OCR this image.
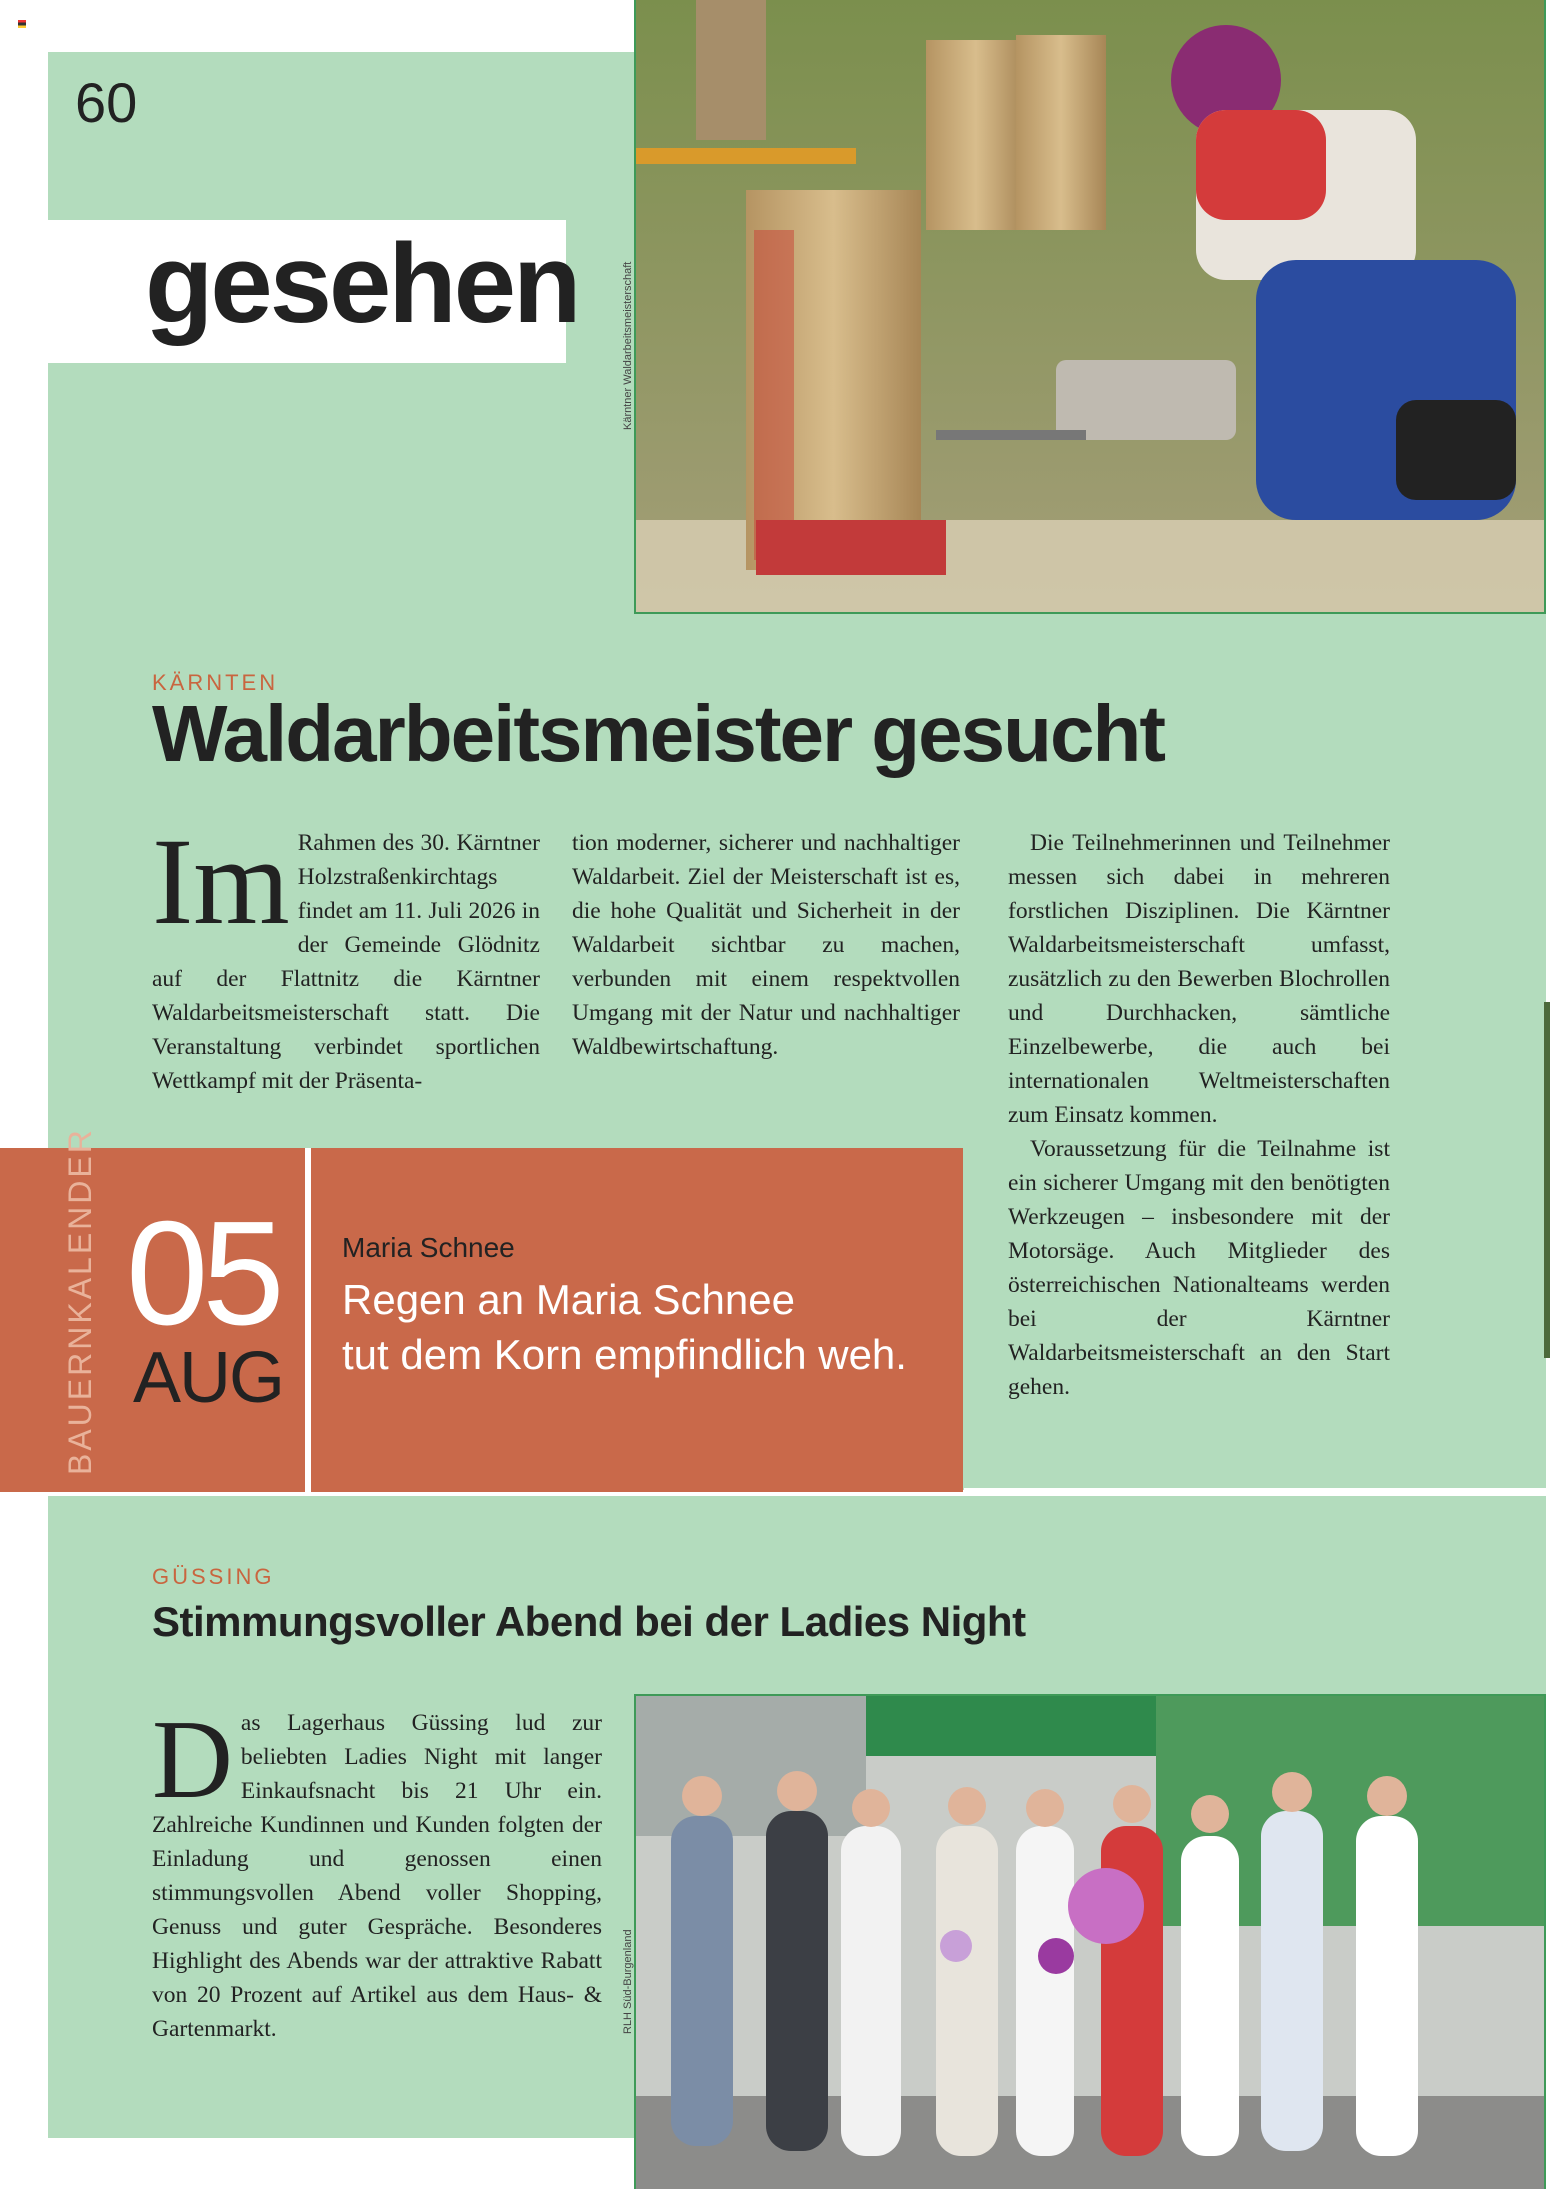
60
gesehen	Kärntner Waldarbeitsmeisterschaft
KÄRNTEN
Waldarbeitsmeister gesucht
Im Rahmen des 30. Kärntner Holzstraßenkirchtags findet am 11. Juli 2026 in der Gemeinde Glödnitz auf der Flattnitz die Kärntner Waldarbeitsmeisterschaft statt. Die Veranstaltung verbindet sportlichen Wettkampf mit der Präsenta-
tion moderner, sicherer und nachhaltiger Waldarbeit. Ziel der Meisterschaft ist es, die hohe Qualität und Sicherheit in der Waldarbeit sichtbar zu machen, verbunden mit einem respektvollen Umgang mit der Natur und nachhaltiger Waldbewirtschaftung.

Die Teilnehmerinnen und Teilnehmer messen sich dabei in mehreren forstlichen Disziplinen. Die Kärntner Waldarbeitsmeisterschaft umfasst, zusätzlich zu den Bewerben Blochrollen und Durchhacken, sämtliche Einzelbewerbe, die auch bei internationalen Weltmeisterschaften zum Einsatz kommen.

Voraussetzung für die Teilnahme ist ein sicherer Umgang mit den benötigten Werkzeugen – insbesondere mit der Motorsäge. Auch Mitglieder des österreichischen Nationalteams werden bei der Kärntner Waldarbeitsmeisterschaft an den Start gehen.

BAUERNKALENDER 05
AUG
Maria Schnee
Regen an Maria Schnee
tut dem Korn empfindlich weh.
GÜSSING
Stimmungsvoller Abend bei der Ladies Night
D as Lagerhaus Güssing lud zur beliebten Ladies Night mit langer Einkaufsnacht bis 21 Uhr ein. Zahlreiche Kundinnen und Kunden folgten der Einladung und genossen einen stimmungsvollen Abend voller Shopping, Genuss und guter Gespräche. Besonderes Highlight des Abends war der attraktive Rabatt von 20 Prozent auf Artikel aus dem Haus- & Gartenmarkt.	RLH Süd-Burgenland
